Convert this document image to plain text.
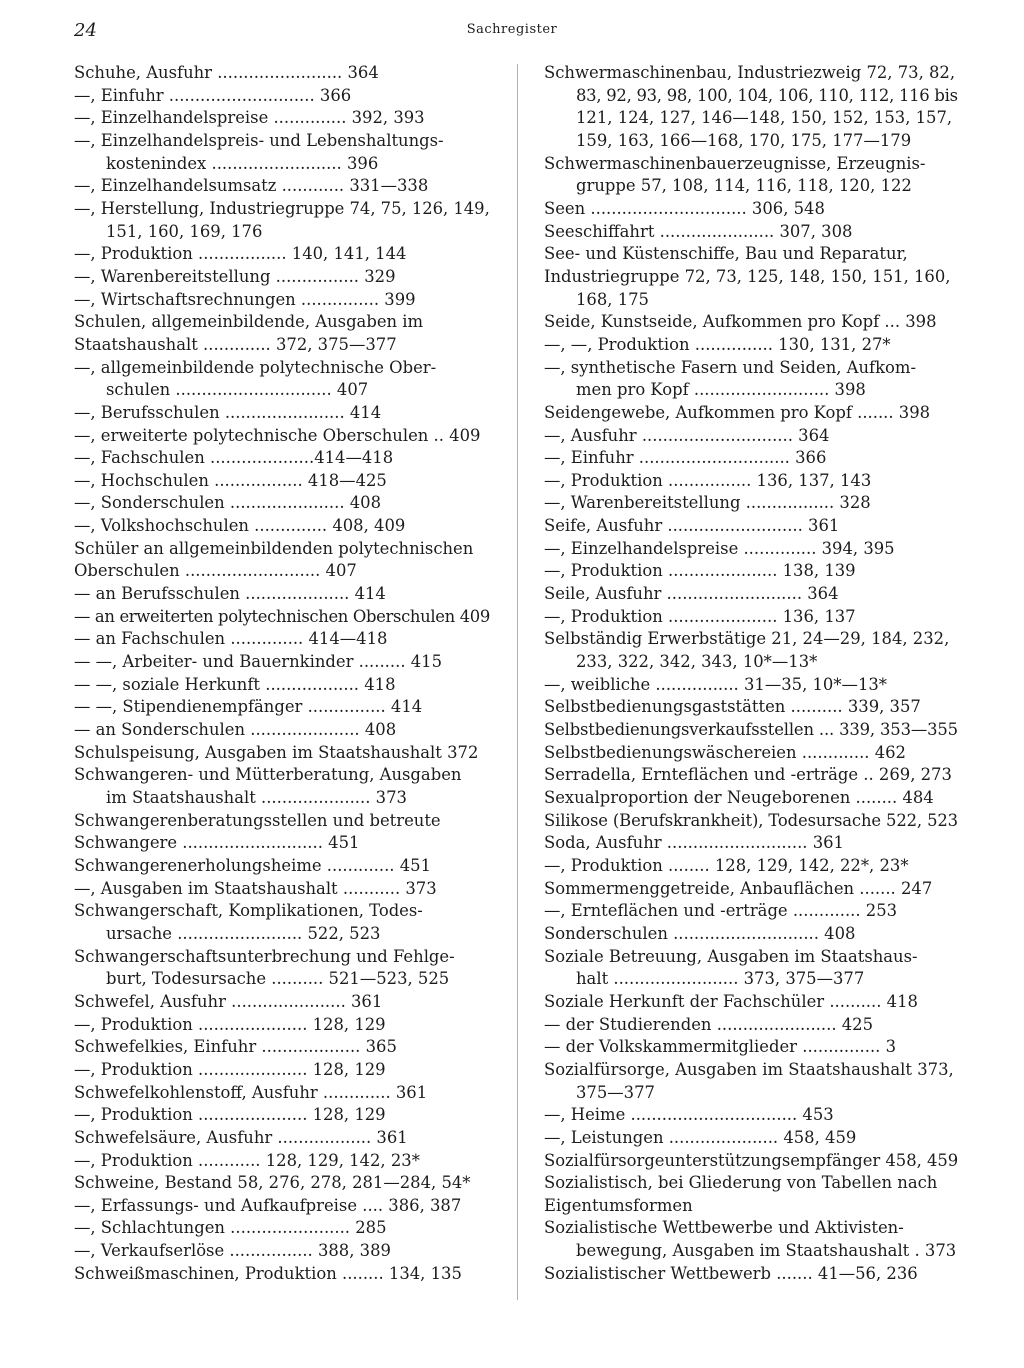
24	Sachregister
Schuhe, Ausfuhr ........................ 364
—, Einfuhr ............................ 366
—, Einzelhandelspreise .............. 392, 393
—, Einzelhandelspreis- und Lebenshaltungs-
kostenindex ......................... 396
—, Einzelhandelsumsatz ............ 331—338
—, Herstellung, Industriegruppe 74, 75, 126, 149,
151, 160, 169, 176
—, Produktion ................. 140, 141, 144
—, Warenbereitstellung ................ 329
—, Wirtschaftsrechnungen ............... 399
Schulen, allgemeinbildende, Ausgaben im
Staatshaushalt ............. 372, 375—377
—, allgemeinbildende polytechnische Ober-
schulen .............................. 407
—, Berufsschulen ....................... 414
—, erweiterte polytechnische Oberschulen .. 409
—, Fachschulen ....................414—418
—, Hochschulen ................. 418—425
—, Sonderschulen ...................... 408
—, Volkshochschulen .............. 408, 409
Schüler an allgemeinbildenden polytechnischen
Oberschulen .......................... 407
— an Berufsschulen .................... 414
— an erweiterten polytechnischen Oberschulen 409
— an Fachschulen .............. 414—418
— —, Arbeiter- und Bauernkinder ......... 415
— —, soziale Herkunft .................. 418
— —, Stipendienempfänger ............... 414
— an Sonderschulen ..................... 408
Schulspeisung, Ausgaben im Staatshaushalt 372
Schwangeren- und Mütterberatung, Ausgaben
im Staatshaushalt ..................... 373
Schwangerenberatungsstellen und betreute
Schwangere ........................... 451
Schwangerenerholungsheime ............. 451
—, Ausgaben im Staatshaushalt ........... 373
Schwangerschaft, Komplikationen, Todes-
ursache ........................ 522, 523
Schwangerschaftsunterbrechung und Fehlge-
burt, Todesursache .......... 521—523, 525
Schwefel, Ausfuhr ...................... 361
—, Produktion ..................... 128, 129
Schwefelkies, Einfuhr ................... 365
—, Produktion ..................... 128, 129
Schwefelkohlenstoff, Ausfuhr ............. 361
—, Produktion ..................... 128, 129
Schwefelsäure, Ausfuhr .................. 361
—, Produktion ............ 128, 129, 142, 23*
Schweine, Bestand 58, 276, 278, 281—284, 54*
—, Erfassungs- und Aufkaufpreise .... 386, 387
—, Schlachtungen ....................... 285
—, Verkaufserlöse ................ 388, 389
Schweißmaschinen, Produktion ........ 134, 135
Schwermaschinenbau, Industriezweig 72, 73, 82,
83, 92, 93, 98, 100, 104, 106, 110, 112, 116 bis
121, 124, 127, 146—148, 150, 152, 153, 157,
159, 163, 166—168, 170, 175, 177—179
Schwermaschinenbauerzeugnisse, Erzeugnis-
gruppe 57, 108, 114, 116, 118, 120, 122
Seen .............................. 306, 548
Seeschiffahrt ...................... 307, 308
See- und Küstenschiffe, Bau und Reparatur,
Industriegruppe 72, 73, 125, 148, 150, 151, 160,
168, 175
Seide, Kunstseide, Aufkommen pro Kopf ... 398
—, —, Produktion ............... 130, 131, 27*
—, synthetische Fasern und Seiden, Aufkom-
men pro Kopf .......................... 398
Seidengewebe, Aufkommen pro Kopf ....... 398
—, Ausfuhr ............................. 364
—, Einfuhr ............................. 366
—, Produktion ................ 136, 137, 143
—, Warenbereitstellung ................. 328
Seife, Ausfuhr .......................... 361
—, Einzelhandelspreise .............. 394, 395
—, Produktion ..................... 138, 139
Seile, Ausfuhr .......................... 364
—, Produktion ..................... 136, 137
Selbständig Erwerbstätige 21, 24—29, 184, 232,
233, 322, 342, 343, 10*—13*
—, weibliche ................ 31—35, 10*—13*
Selbstbedienungsgaststätten .......... 339, 357
Selbstbedienungsverkaufsstellen ... 339, 353—355
Selbstbedienungswäschereien ............. 462
Serradella, Ernteflächen und -erträge .. 269, 273
Sexualproportion der Neugeborenen ........ 484
Silikose (Berufskrankheit), Todesursache 522, 523
Soda, Ausfuhr ........................... 361
—, Produktion ........ 128, 129, 142, 22*, 23*
Sommermenggetreide, Anbauflächen ....... 247
—, Ernteflächen und -erträge ............. 253
Sonderschulen ............................ 408
Soziale Betreuung, Ausgaben im Staatshaus-
halt ........................ 373, 375—377
Soziale Herkunft der Fachschüler .......... 418
— der Studierenden ....................... 425
— der Volkskammermitglieder ............... 3
Sozialfürsorge, Ausgaben im Staatshaushalt 373,
375—377
—, Heime ................................ 453
—, Leistungen ..................... 458, 459
Sozialfürsorgeunterstützungsempfänger 458, 459
Sozialistisch, bei Gliederung von Tabellen nach
Eigentumsformen
Sozialistische Wettbewerbe und Aktivisten-
bewegung, Ausgaben im Staatshaushalt . 373
Sozialistischer Wettbewerb ....... 41—56, 236
